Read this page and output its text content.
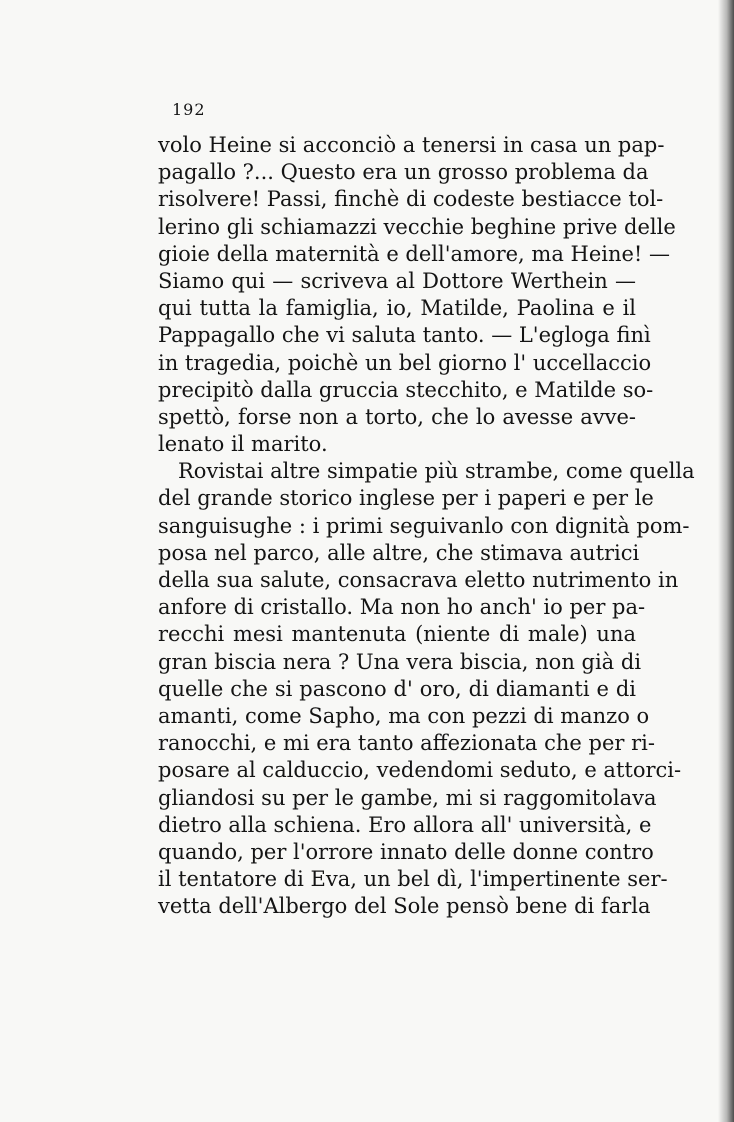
192
volo Heine si acconciò a tenersi in casa un pap-
pagallo ?... Questo era un grosso problema da
risolvere! Passi, finchè di codeste bestiacce tol-
lerino gli schiamazzi vecchie beghine prive delle
gioie della maternità e dell'amore, ma Heine! —
Siamo qui — scriveva al Dottore Werthein —
qui tutta la famiglia, io, Matilde, Paolina e il
Pappagallo che vi saluta tanto. — L'egloga finì
in tragedia, poichè un bel giorno l' uccellaccio
precipitò dalla gruccia stecchito, e Matilde so-
spettò, forse non a torto, che lo avesse avve-
lenato il marito.
Rovistai altre simpatie più strambe, come quella
del grande storico inglese per i paperi e per le
sanguisughe : i primi seguivanlo con dignità pom-
posa nel parco, alle altre, che stimava autrici
della sua salute, consacrava eletto nutrimento in
anfore di cristallo. Ma non ho anch' io per pa-
recchi mesi mantenuta (niente di male) una
gran biscia nera ? Una vera biscia, non già di
quelle che si pascono d' oro, di diamanti e di
amanti, come Sapho, ma con pezzi di manzo o
ranocchi, e mi era tanto affezionata che per ri-
posare al calduccio, vedendomi seduto, e attorci-
gliandosi su per le gambe, mi si raggomitolava
dietro alla schiena. Ero allora all' università, e
quando, per l'orrore innato delle donne contro
il tentatore di Eva, un bel dì, l'impertinente ser-
vetta dell'Albergo del Sole pensò bene di farla
